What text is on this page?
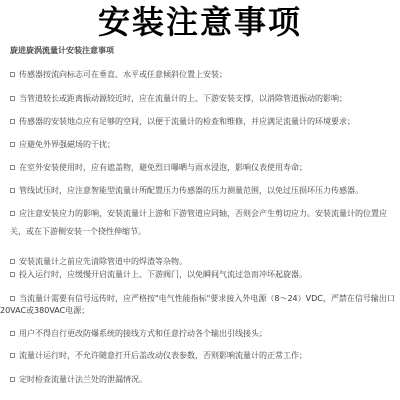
安装注意事项
旋进旋涡流量计安装注意事项
传感器按流向标志可在垂直、水平或任意倾斜位置上安装；
当管道较长或距离振动源较近时，应在流量计的上、下游安装支撑，以消除管道振动的影响；
传感器的安装地点应有足够的空间，以便于流量计的检查和维修，并应满足流量计的环境要求；
应避免外界强磁场的干扰；
在室外安装使用时，应有遮盖物，避免烈日曝晒与雨水浸泡，影响仪表使用寿命；
管线试压时，应注意智能型流量计所配置压力传感器的压力测量范围，以免过压损坏压力传感器。
应注意安装应力的影响，安装流量计上游和下游管道应同轴，否则会产生剪切应力。安装流量计的位置应
关，或在下游侧安装一个挠性伸缩节。
安装流量计之前应先清除管道中的焊渣等杂物。
投入运行时，应缓慢开启流量计上、下游阀门，以免瞬间气流过急而冲坏起旋器。
当流量计需要有信号远传时，应严格按"电气性能指标"要求接入外电源（8～24）VDC，严禁在信号输出口
20VAC或380VAC电源；
用户不得自行更改防爆系统的接线方式和任意拧动各个输出引线接头；
流量计运行时，不允许随意打开后盖改动仪表参数，否则影响流量计的正常工作；
定时检查流量计法兰处的泄漏情况。
